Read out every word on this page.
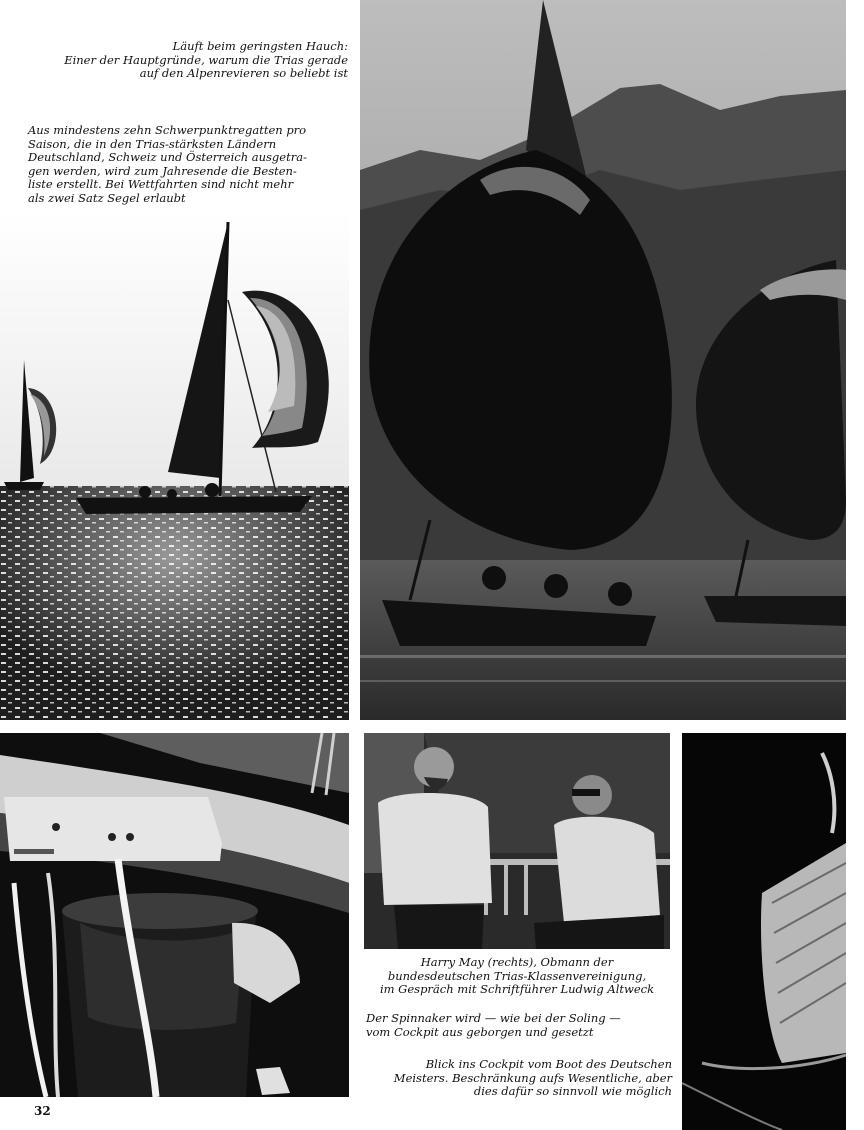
Läuft beim geringsten Hauch:
Einer der Hauptgründe, warum die Trias gerade
auf den Alpenrevieren so beliebt ist
Aus mindestens zehn Schwerpunktregatten pro
Saison, die in den Trias-stärksten Ländern
Deutschland, Schweiz und Österreich ausgetra-
gen werden, wird zum Jahresende die Besten-
liste erstellt. Bei Wettfahrten sind nicht mehr
als zwei Satz Segel erlaubt
Harry May (rechts), Obmann der
bundesdeutschen Trias-Klassenvereinigung,
im Gespräch mit Schriftführer Ludwig Altweck
Der Spinnaker wird — wie bei der Soling —
vom Cockpit aus geborgen und gesetzt
Blick ins Cockpit vom Boot des Deutschen
Meisters. Beschränkung aufs Wesentliche, aber
dies dafür so sinnvoll wie möglich
32
